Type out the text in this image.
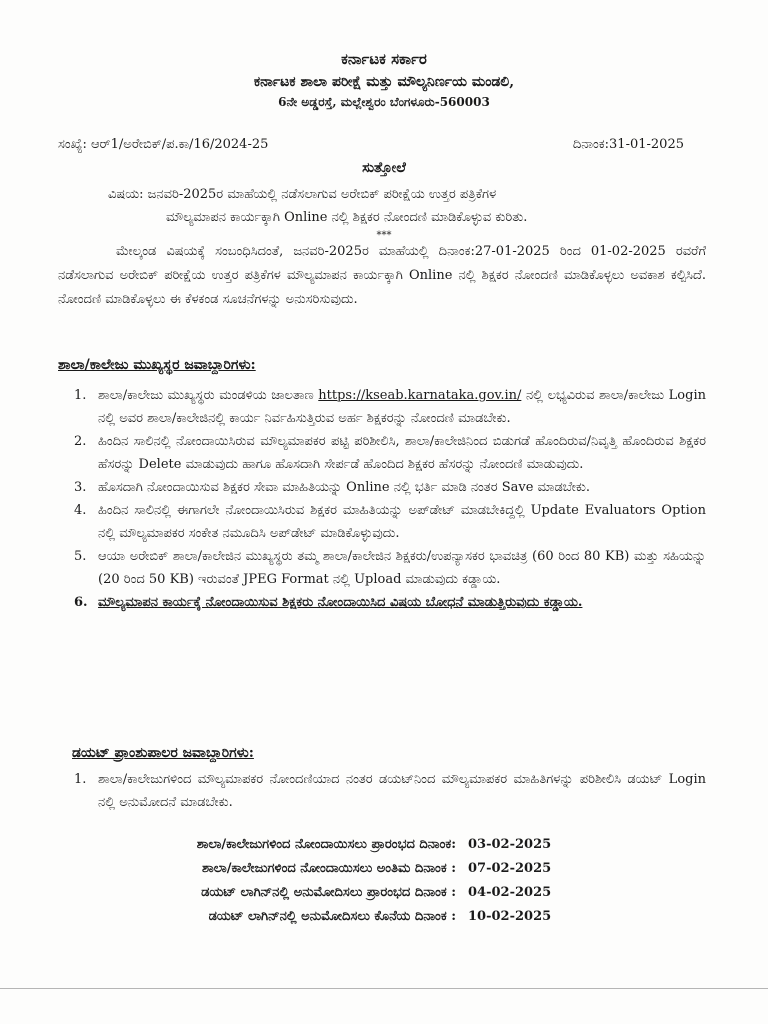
ಕರ್ನಾಟಕ ಸರ್ಕಾರ
ಕರ್ನಾಟಕ ಶಾಲಾ ಪರೀಕ್ಷೆ ಮತ್ತು ಮೌಲ್ಯನಿರ್ಣಯ ಮಂಡಲಿ,
6ನೇ ಅಡ್ಡರಸ್ತೆ, ಮಲ್ಲೇಶ್ವರಂ ಬೆಂಗಳೂರು-560003
ಸಂಖ್ಯೆ: ಆರ್1/ಅರೇಬಿಕ್/ಪ.ಕಾ/16/2024-25	ದಿನಾಂಕ:31-01-2025
ಸುತ್ತೋಲೆ
ವಿಷಯ: ಜನವರಿ-2025ರ ಮಾಹೆಯಲ್ಲಿ ನಡೆಸಲಾಗುವ ಅರೇಬಿಕ್ ಪರೀಕ್ಷೆಯ ಉತ್ತರ ಪತ್ರಿಕೆಗಳ
ಮೌಲ್ಯಮಾಪನ ಕಾರ್ಯಕ್ಕಾಗಿ Online ನಲ್ಲಿ ಶಿಕ್ಷಕರ ನೋಂದಣಿ ಮಾಡಿಕೊಳ್ಳುವ ಕುರಿತು.
***
ಮೇಲ್ಕಂಡ ವಿಷಯಕ್ಕೆ ಸಂಬಂಧಿಸಿದಂತೆ, ಜನವರಿ-2025ರ ಮಾಹೆಯಲ್ಲಿ ದಿನಾಂಕ:27-01-2025 ರಿಂದ 01-02-2025 ರವರೆಗೆ ನಡೆಸಲಾಗುವ ಅರೇಬಿಕ್ ಪರೀಕ್ಷೆಯ ಉತ್ತರ ಪತ್ರಿಕೆಗಳ ಮೌಲ್ಯಮಾಪನ ಕಾರ್ಯಕ್ಕಾಗಿ Online ನಲ್ಲಿ ಶಿಕ್ಷಕರ ನೋಂದಣಿ ಮಾಡಿಕೊಳ್ಳಲು ಅವಕಾಶ ಕಲ್ಪಿಸಿದೆ. ನೋಂದಣಿ ಮಾಡಿಕೊಳ್ಳಲು ಈ ಕೆಳಕಂಡ ಸೂಚನೆಗಳನ್ನು ಅನುಸರಿಸುವುದು.
ಶಾಲಾ/ಕಾಲೇಜು ಮುಖ್ಯಸ್ಥರ ಜವಾಬ್ದಾರಿಗಳು:
1. ಶಾಲಾ/ಕಾಲೇಜು ಮುಖ್ಯಸ್ಥರು ಮಂಡಳಿಯ ಜಾಲತಾಣ https://kseab.karnataka.gov.in/ ನಲ್ಲಿ ಲಭ್ಯವಿರುವ ಶಾಲಾ/ಕಾಲೇಜು Login ನಲ್ಲಿ ಅವರ ಶಾಲಾ/ಕಾಲೇಜಿನಲ್ಲಿ ಕಾರ್ಯ ನಿರ್ವಹಿಸುತ್ತಿರುವ ಅರ್ಹ ಶಿಕ್ಷಕರನ್ನು ನೋಂದಣಿ ಮಾಡಬೇಕು.
2. ಹಿಂದಿನ ಸಾಲಿನಲ್ಲಿ ನೋಂದಾಯಿಸಿರುವ ಮೌಲ್ಯಮಾಪಕರ ಪಟ್ಟಿ ಪರಿಶೀಲಿಸಿ, ಶಾಲಾ/ಕಾಲೇಜಿನಿಂದ ಬಿಡುಗಡೆ ಹೊಂದಿರುವ/ನಿವೃತ್ತಿ ಹೊಂದಿರುವ ಶಿಕ್ಷಕರ ಹೆಸರನ್ನು Delete ಮಾಡುವುದು ಹಾಗೂ ಹೊಸದಾಗಿ ಸೇರ್ಪಡೆ ಹೊಂದಿದ ಶಿಕ್ಷಕರ ಹೆಸರನ್ನು ನೋಂದಣಿ ಮಾಡುವುದು.
3. ಹೊಸದಾಗಿ ನೋಂದಾಯಿಸುವ ಶಿಕ್ಷಕರ ಸೇವಾ ಮಾಹಿತಿಯನ್ನು Online ನಲ್ಲಿ ಭರ್ತಿ ಮಾಡಿ ನಂತರ Save ಮಾಡಬೇಕು.
4. ಹಿಂದಿನ ಸಾಲಿನಲ್ಲಿ ಈಗಾಗಲೇ ನೋಂದಾಯಿಸಿರುವ ಶಿಕ್ಷಕರ ಮಾಹಿತಿಯನ್ನು ಅಪ್‌ಡೇಟ್ ಮಾಡಬೇಕಿದ್ದಲ್ಲಿ Update Evaluators Option ನಲ್ಲಿ ಮೌಲ್ಯಮಾಪಕರ ಸಂಕೇತ ನಮೂದಿಸಿ ಅಪ್‌ಡೇಟ್ ಮಾಡಿಕೊಳ್ಳುವುದು.
5. ಆಯಾ ಅರೇಬಿಕ್ ಶಾಲಾ/ಕಾಲೇಜಿನ ಮುಖ್ಯಸ್ಥರು ತಮ್ಮ ಶಾಲಾ/ಕಾಲೇಜಿನ ಶಿಕ್ಷಕರು/ಉಪನ್ಯಾಸಕರ ಭಾವಚಿತ್ರ (60 ರಿಂದ 80 KB) ಮತ್ತು ಸಹಿಯನ್ನು (20 ರಿಂದ 50 KB) ಇರುವಂತೆ JPEG Format ನಲ್ಲಿ Upload ಮಾಡುವುದು ಕಡ್ಡಾಯ.
6. ಮೌಲ್ಯಮಾಪನ ಕಾರ್ಯಕ್ಕೆ ನೋಂದಾಯಿಸುವ ಶಿಕ್ಷಕರು ನೋಂದಾಯಿಸಿದ ವಿಷಯ ಬೋಧನೆ ಮಾಡುತ್ತಿರುವುದು ಕಡ್ಡಾಯ.
ಡಯಟ್ ಪ್ರಾಂಶುಪಾಲರ ಜವಾಬ್ದಾರಿಗಳು:
1. ಶಾಲಾ/ಕಾಲೇಜುಗಳಿಂದ ಮೌಲ್ಯಮಾಪಕರ ನೋಂದಣಿಯಾದ ನಂತರ ಡಯಟ್‌ನಿಂದ ಮೌಲ್ಯಮಾಪಕರ ಮಾಹಿತಿಗಳನ್ನು ಪರಿಶೀಲಿಸಿ ಡಯಟ್ Login ನಲ್ಲಿ ಅನುಮೋದನೆ ಮಾಡಬೇಕು.
ಶಾಲಾ/ಕಾಲೇಜುಗಳಿಂದ ನೋಂದಾಯಿಸಲು ಪ್ರಾರಂಭದ ದಿನಾಂಕ: 03-02-2025
ಶಾಲಾ/ಕಾಲೇಜುಗಳಿಂದ ನೋಂದಾಯಿಸಲು ಅಂತಿಮ ದಿನಾಂಕ : 07-02-2025
ಡಯಟ್ ಲಾಗಿನ್‌ನಲ್ಲಿ ಅನುಮೋದಿಸಲು ಪ್ರಾರಂಭದ ದಿನಾಂಕ : 04-02-2025
ಡಯಟ್ ಲಾಗಿನ್‌ನಲ್ಲಿ ಅನುಮೋದಿಸಲು ಕೊನೆಯ ದಿನಾಂಕ : 10-02-2025
